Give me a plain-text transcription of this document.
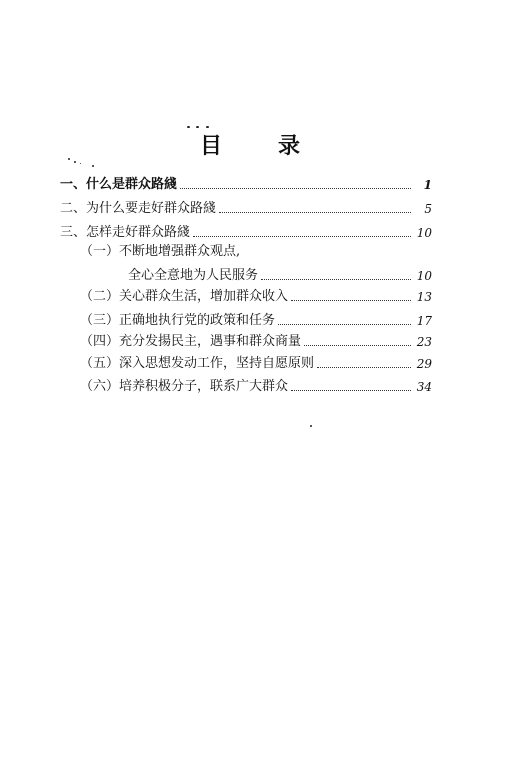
目	录
一、什么是群众路綫	1
二、为什么要走好群众路綫	5
三、怎样走好群众路綫	10
（一）不断地增强群众观点,
全心全意地为人民服务	10
（二）关心群众生活，增加群众收入	13
（三）正确地执行党的政策和任务	17
（四）充分发揚民主，遇事和群众商量	23
（五）深入思想发动工作，坚持自愿原则	29
（六）培养积极分子，联系广大群众	34
